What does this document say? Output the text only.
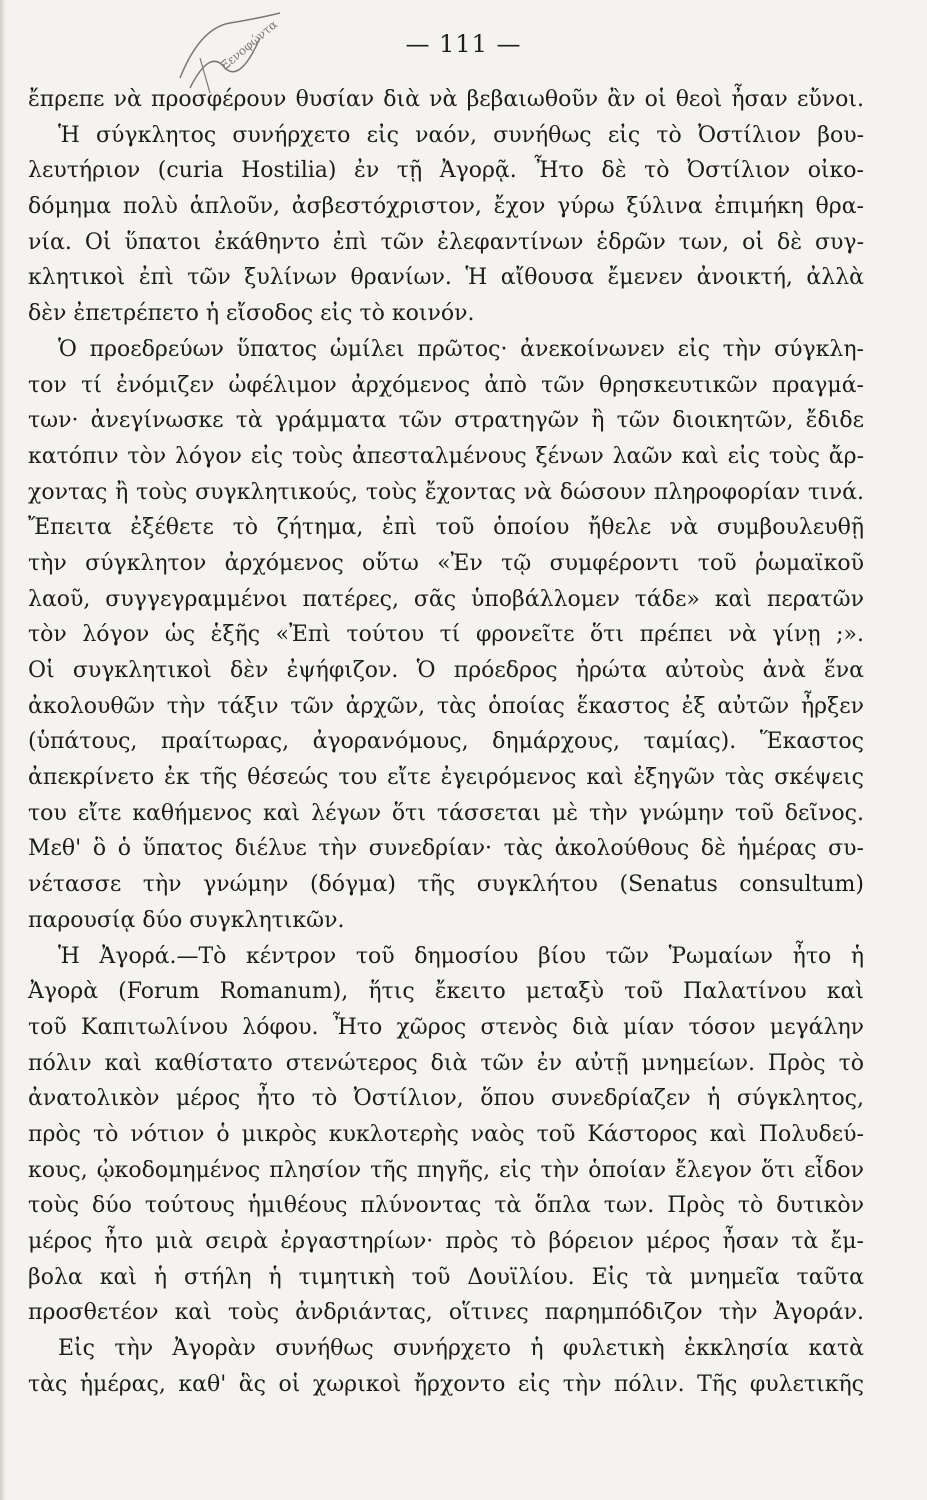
Ξενοφώντα	— 111 —
ἔπρεπε νὰ προσφέρουν θυσίαν διὰ νὰ βεβαιωθοῦν ἂν οἱ θεοὶ ἦσαν εὔνοι.
Ἡ σύγκλητος συνήρχετο εἰς ναόν, συνήθως εἰς τὸ Ὀστίλιον βου-
λευτήριον (curia Hostilia) ἐν τῇ Ἀγορᾷ. Ἦτο δὲ τὸ Ὀστίλιον οἰκο-
δόμημα πολὺ ἁπλοῦν, ἀσβεστόχριστον, ἔχον γύρω ξύλινα ἐπιμήκη θρα-
νία. Οἱ ὕπατοι ἐκάθηντο ἐπὶ τῶν ἐλεφαντίνων ἑδρῶν των, οἱ δὲ συγ-
κλητικοὶ ἐπὶ τῶν ξυλίνων θρανίων. Ἡ αἴθουσα ἔμενεν ἀνοικτή, ἀλλὰ
δὲν ἐπετρέπετο ἡ εἴσοδος εἰς τὸ κοινόν.
Ὁ προεδρεύων ὕπατος ὡμίλει πρῶτος· ἀνεκοίνωνεν εἰς τὴν σύγκλη-
τον τί ἐνόμιζεν ὠφέλιμον ἀρχόμενος ἀπὸ τῶν θρησκευτικῶν πραγμά-
των· ἀνεγίνωσκε τὰ γράμματα τῶν στρατηγῶν ἢ τῶν διοικητῶν, ἔδιδε
κατόπιν τὸν λόγον εἰς τοὺς ἀπεσταλμένους ξένων λαῶν καὶ εἰς τοὺς ἄρ-
χοντας ἢ τοὺς συγκλητικούς, τοὺς ἔχοντας νὰ δώσουν πληροφορίαν τινά.
Ἔπειτα ἐξέθετε τὸ ζήτημα, ἐπὶ τοῦ ὁποίου ἤθελε νὰ συμβουλευθῇ
τὴν σύγκλητον ἀρχόμενος οὕτω «Ἐν τῷ συμφέροντι τοῦ ῥωμαϊκοῦ
λαοῦ, συγγεγραμμένοι πατέρες, σᾶς ὑποβάλλομεν τάδε» καὶ περατῶν
τὸν λόγον ὡς ἑξῆς «Ἐπὶ τούτου τί φρονεῖτε ὅτι πρέπει νὰ γίνῃ ;».
Οἱ συγκλητικοὶ δὲν ἐψήφιζον. Ὁ πρόεδρος ἠρώτα αὐτοὺς ἀνὰ ἕνα
ἀκολουθῶν τὴν τάξιν τῶν ἀρχῶν, τὰς ὁποίας ἕκαστος ἐξ αὐτῶν ἦρξεν
(ὑπάτους, πραίτωρας, ἀγορανόμους, δημάρχους, ταμίας). Ἕκαστος
ἀπεκρίνετο ἐκ τῆς θέσεώς του εἴτε ἐγειρόμενος καὶ ἐξηγῶν τὰς σκέψεις
του εἴτε καθήμενος καὶ λέγων ὅτι τάσσεται μὲ τὴν γνώμην τοῦ δεῖνος.
Μεθ' ὃ ὁ ὕπατος διέλυε τὴν συνεδρίαν· τὰς ἀκολούθους δὲ ἡμέρας συ-
νέτασσε τὴν γνώμην (δόγμα) τῆς συγκλήτου (Senatus consultum)
παρουσίᾳ δύο συγκλητικῶν.
Ἡ Ἀγορά.—Τὸ κέντρον τοῦ δημοσίου βίου τῶν Ῥωμαίων ἦτο ἡ
Ἀγορὰ (Forum Romanum), ἥτις ἔκειτο μεταξὺ τοῦ Παλατίνου καὶ
τοῦ Καπιτωλίνου λόφου. Ἦτο χῶρος στενὸς διὰ μίαν τόσον μεγάλην
πόλιν καὶ καθίστατο στενώτερος διὰ τῶν ἐν αὐτῇ μνημείων. Πρὸς τὸ
ἀνατολικὸν μέρος ἦτο τὸ Ὀστίλιον, ὅπου συνεδρίαζεν ἡ σύγκλητος,
πρὸς τὸ νότιον ὁ μικρὸς κυκλοτερὴς ναὸς τοῦ Κάστορος καὶ Πολυδεύ-
κους, ᾠκοδομημένος πλησίον τῆς πηγῆς, εἰς τὴν ὁποίαν ἔλεγον ὅτι εἶδον
τοὺς δύο τούτους ἡμιθέους πλύνοντας τὰ ὅπλα των. Πρὸς τὸ δυτικὸν
μέρος ἦτο μιὰ σειρὰ ἐργαστηρίων· πρὸς τὸ βόρειον μέρος ἦσαν τὰ ἔμ-
βολα καὶ ἡ στήλη ἡ τιμητικὴ τοῦ Δουϊλίου. Εἰς τὰ μνημεῖα ταῦτα
προσθετέον καὶ τοὺς ἀνδριάντας, οἵτινες παρημπόδιζον τὴν Ἀγοράν.
Εἰς τὴν Ἀγορὰν συνήθως συνήρχετο ἡ φυλετικὴ ἐκκλησία κατὰ
τὰς ἡμέρας, καθ' ἃς οἱ χωρικοὶ ἤρχοντο εἰς τὴν πόλιν. Τῆς φυλετικῆς
